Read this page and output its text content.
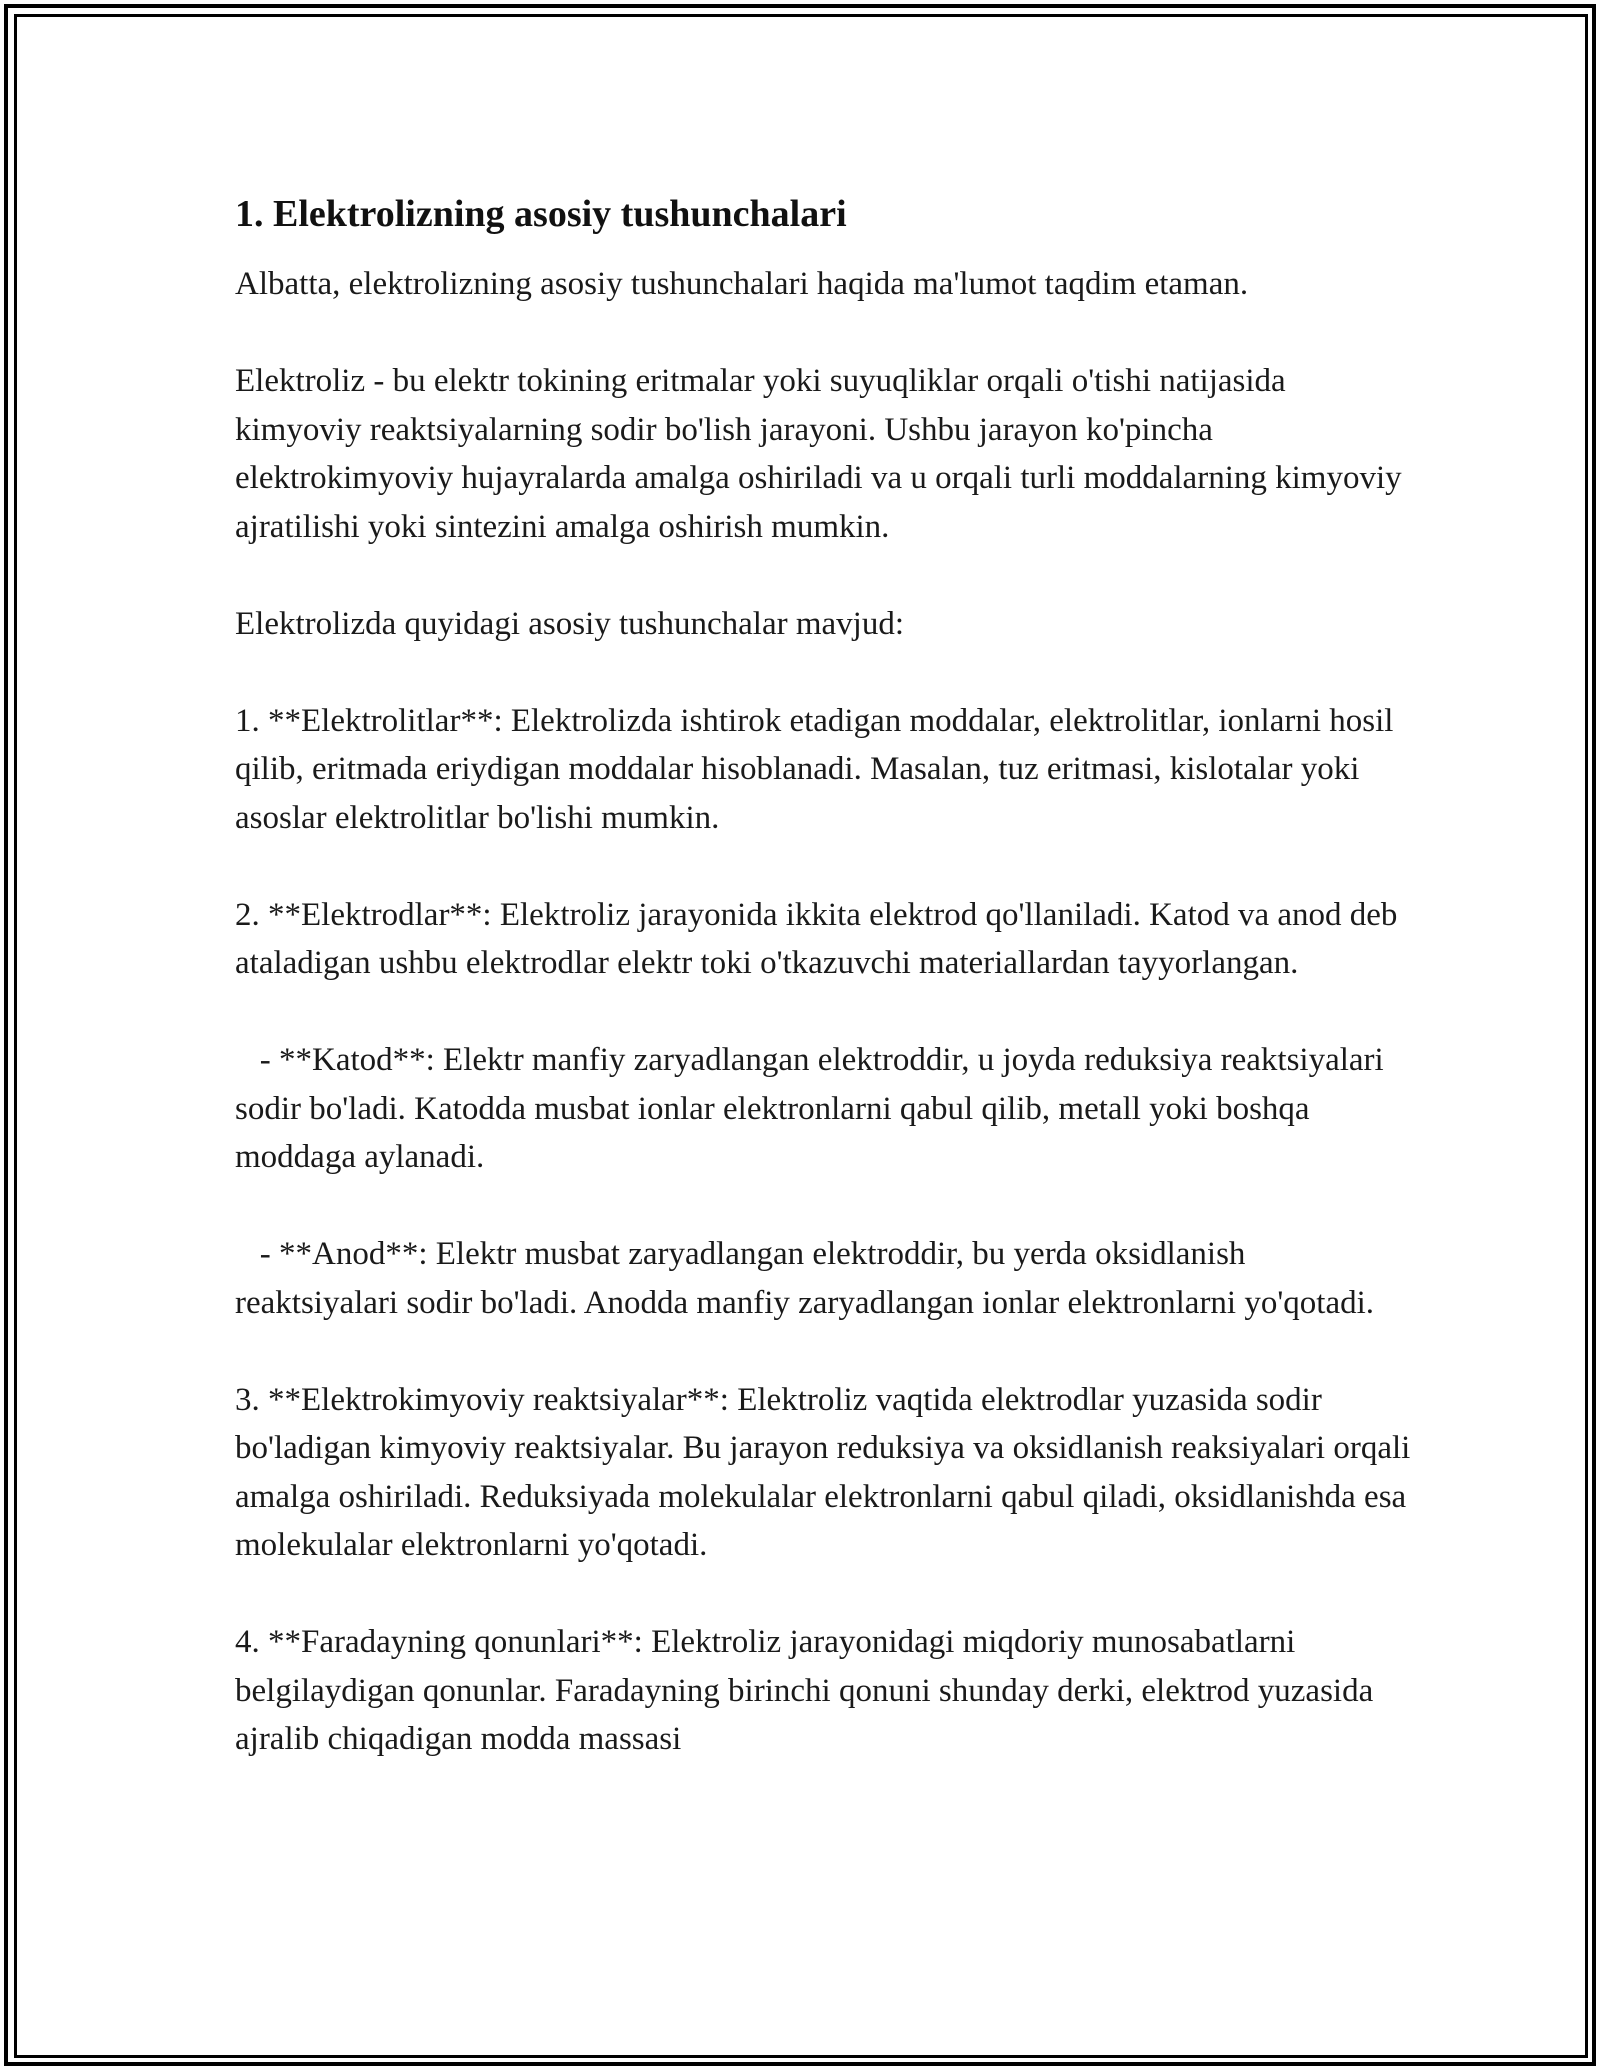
1. Elektrolizning asosiy tushunchalari

Albatta, elektrolizning asosiy tushunchalari haqida ma'lumot taqdim etaman.

Elektroliz - bu elektr tokining eritmalar yoki suyuqliklar orqali o'tishi natijasida kimyoviy reaktsiyalarning sodir bo'lish jarayoni. Ushbu jarayon ko'pincha elektrokimyoviy hujayralarda amalga oshiriladi va u orqali turli moddalarning kimyoviy ajratilishi yoki sintezini amalga oshirish mumkin.

Elektrolizda quyidagi asosiy tushunchalar mavjud:

1. **Elektrolitlar**: Elektrolizda ishtirok etadigan moddalar, elektrolitlar, ionlarni hosil qilib, eritmada eriydigan moddalar hisoblanadi. Masalan, tuz eritmasi, kislotalar yoki asoslar elektrolitlar bo'lishi mumkin.

2. **Elektrodlar**: Elektroliz jarayonida ikkita elektrod qo'llaniladi. Katod va anod deb ataladigan ushbu elektrodlar elektr toki o'tkazuvchi materiallardan tayyorlangan.

- **Katod**: Elektr manfiy zaryadlangan elektroddir, u joyda reduksiya reaktsiyalari sodir bo'ladi. Katodda musbat ionlar elektronlarni qabul qilib, metall yoki boshqa moddaga aylanadi.

- **Anod**: Elektr musbat zaryadlangan elektroddir, bu yerda oksidlanish reaktsiyalari sodir bo'ladi. Anodda manfiy zaryadlangan ionlar elektronlarni yo'qotadi.

3. **Elektrokimyoviy reaktsiyalar**: Elektroliz vaqtida elektrodlar yuzasida sodir bo'ladigan kimyoviy reaktsiyalar. Bu jarayon reduksiya va oksidlanish reaksiyalari orqali amalga oshiriladi. Reduksiyada molekulalar elektronlarni qabul qiladi, oksidlanishda esa molekulalar elektronlarni yo'qotadi.

4. **Faradayning qonunlari**: Elektroliz jarayonidagi miqdoriy munosabatlarni belgilaydigan qonunlar. Faradayning birinchi qonuni shunday derki, elektrod yuzasida ajralib chiqadigan modda massasi
